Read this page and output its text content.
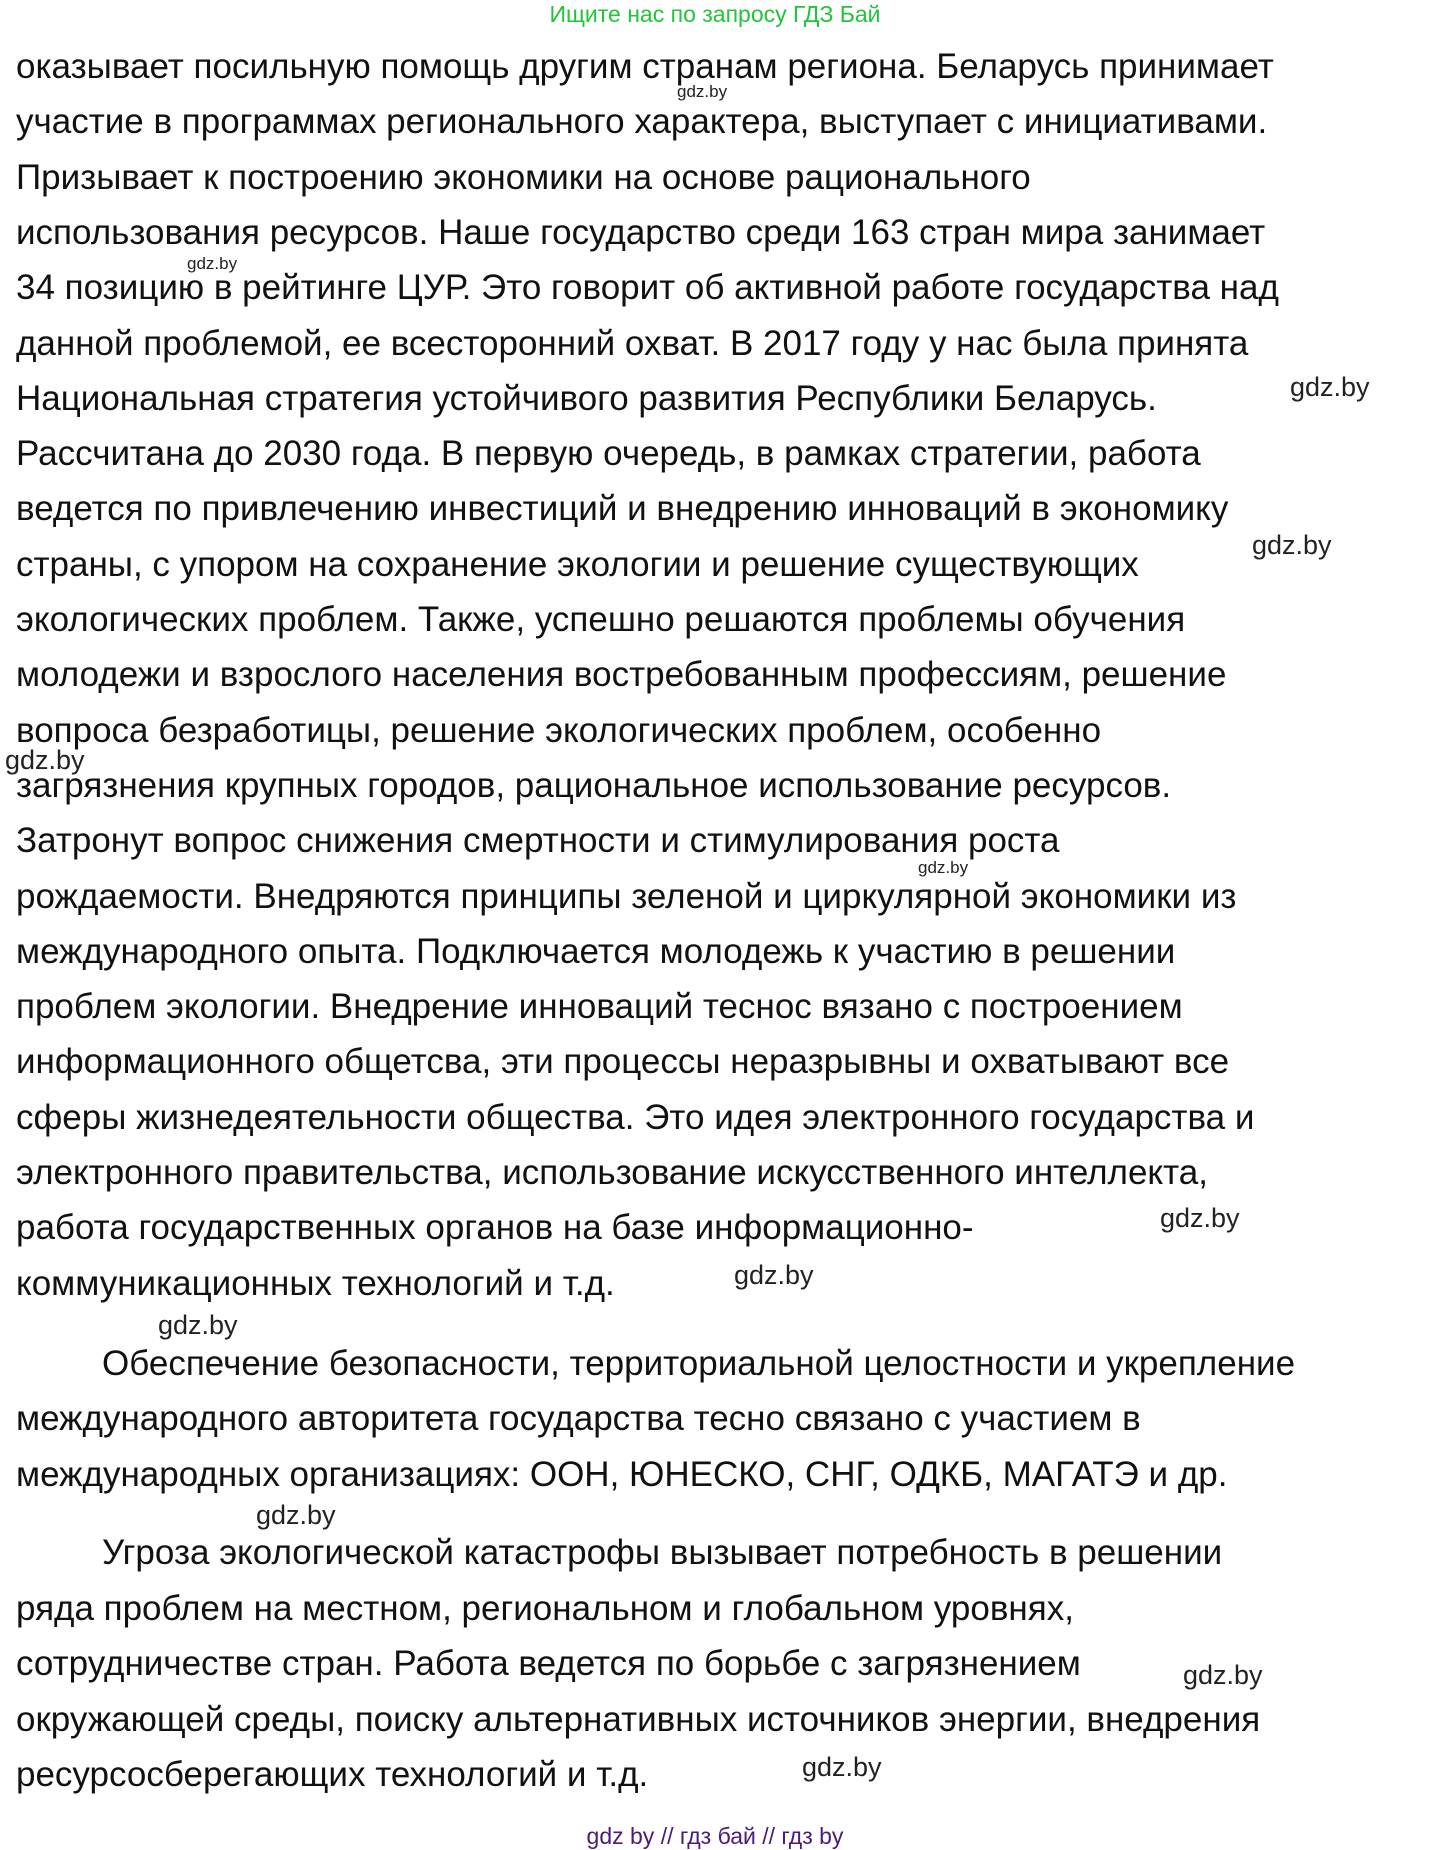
Ищите нас по запросу ГДЗ Бай
оказывает посильную помощь другим странам региона. Беларусь принимает
участие в программах регионального характера, выступает с инициативами.
Призывает к построению экономики на основе рационального
использования ресурсов. Наше государство среди 163 стран мира занимает
34 позицию в рейтинге ЦУР. Это говорит об активной работе государства над
данной проблемой, ее всесторонний охват. В 2017 году у нас была принята
Национальная стратегия устойчивого развития Республики Беларусь.
Рассчитана до 2030 года. В первую очередь, в рамках стратегии, работа
ведется по привлечению инвестиций и внедрению инноваций в экономику
страны, с упором на сохранение экологии и решение существующих
экологических проблем. Также, успешно решаются проблемы обучения
молодежи и взрослого населения востребованным профессиям, решение
вопроса безработицы, решение экологических проблем, особенно
загрязнения крупных городов, рациональное использование ресурсов.
Затронут вопрос снижения смертности и стимулирования роста
рождаемости. Внедряются принципы зеленой и циркулярной экономики из
международного опыта. Подключается молодежь к участию в решении
проблем экологии. Внедрение инноваций теснос вязано с построением
информационного общетсва, эти процессы неразрывны и охватывают все
сферы жизнедеятельности общества. Это идея электронного государства и
электронного правительства, использование искусственного интеллекта,
работа государственных органов на базе информационно-
коммуникационных технологий и т.д.
Обеспечение безопасности, территориальной целостности и укрепление
международного авторитета государства тесно связано с участием в
международных организациях: ООН, ЮНЕСКО, СНГ, ОДКБ, МАГАТЭ и др.
Угроза экологической катастрофы вызывает потребность в решении
ряда проблем на местном, региональном и глобальном уровнях,
сотрудничестве стран. Работа ведется по борьбе с загрязнением
окружающей среды, поиску альтернативных источников энергии, внедрения
ресурсосберегающих технологий и т.д.
gdz.by
gdz.by
gdz.by
gdz.by
gdz.by
gdz.by
gdz.by
gdz.by
gdz.by
gdz.by
gdz.by
gdz.by
gdz by // гдз бай // гдз by
